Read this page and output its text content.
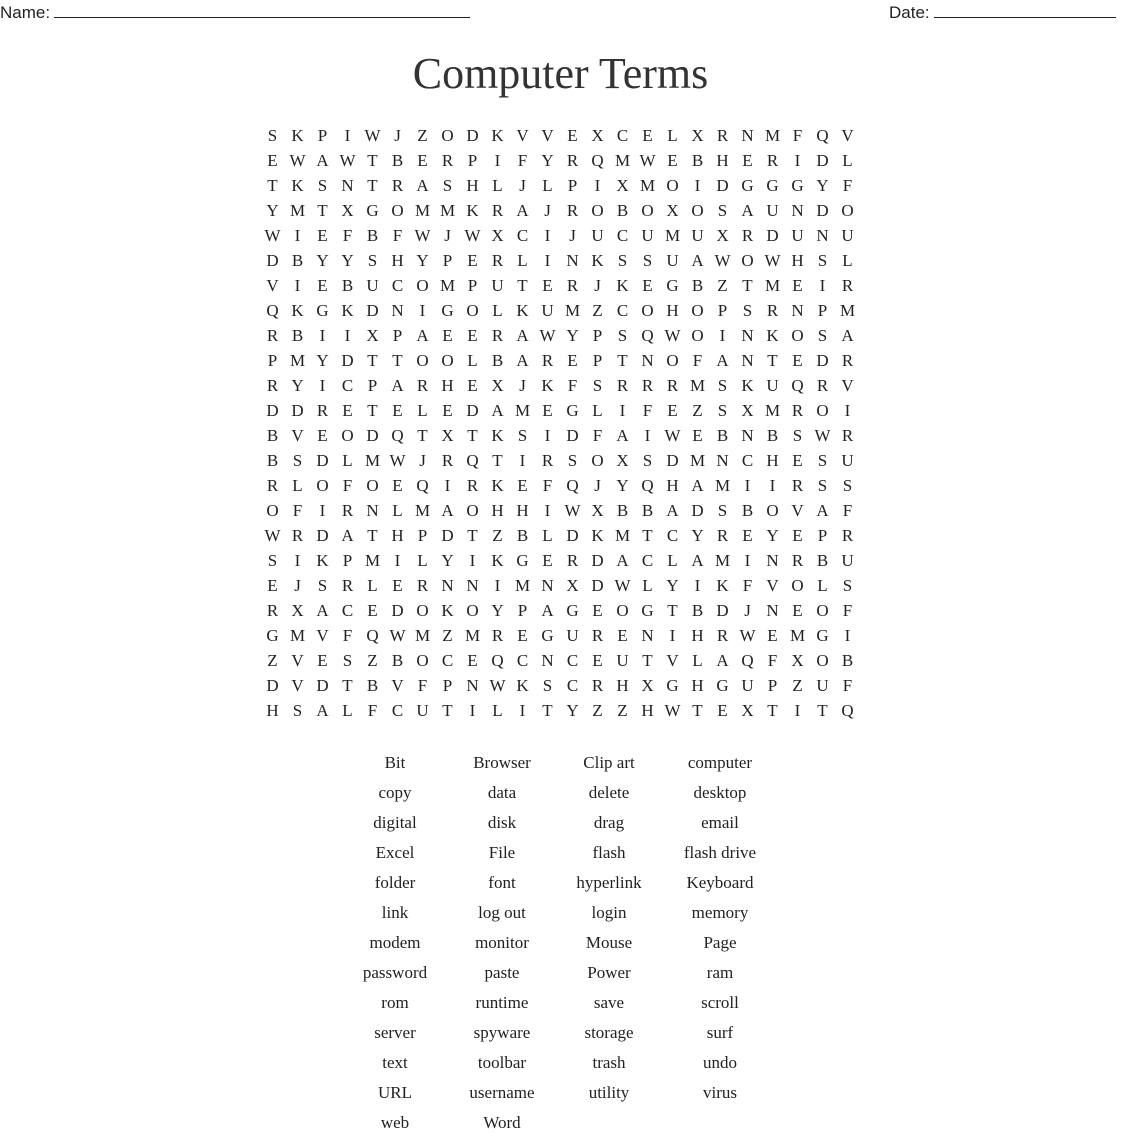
Name:	Date:
Computer Terms
S K P	I W J Z O D K V V E X C E L X R N M F Q V
E W A W T B E R P	I	F Y R Q M W E B H E R I D L
T K S N T R A S H L J L P	I X M O I D G G G Y F
Y M T X G O M M K R A J R O B O X O S A U N D O
W I E F B F W J W X C I	J U C U M U X R D U N U
D B Y Y S H Y P E R L I N K S S U A W O W H S L
V I E B U C O M P U T E R J K E G B Z T M E I R
Q K G K D N I G O L K U M Z C O H O P S R N P M
R B I	I X P A E E R A W Y P S Q W O I N K O S A
P M Y D T T O O L B A R E P T N O F A N T E D R
R Y I C P A R H E X J K F S R R R M S K U Q R V
D D R E T E L E D A M E G L I	F E Z S X M R O I
B V E O D Q T X T K S	I D F A I W E B N B S W R
B S D L M W J R Q T I R S O X S D M N C H E S U
R L O F O E Q I R K E F Q J Y Q H A M I	I R S S
O F	I R N L M A O H H I W X B B A D S B O V A F
W R D A T H P D T Z B L D K M T C Y R E Y E P R
S	I K P M I L Y I K G E R D A C L A M I N R B U
E J S R L E R N N I M N X D W L Y I K F V O L S
R X A C E D O K O Y P A G E O G T B D J N E O F
G M V F Q W M Z M R E G U R E N I H R W E M G I
Z V E S Z B O C E Q C N C E U T V L A Q F X O B
D V D T B V F P N W K S C R H X G H G U P Z U F
H S A L F C U T I L I T Y Z Z H W T E X T I T Q
Bit	Browser	Clip art	computer
copy	data	delete	desktop
digital	disk	drag	email
Excel	File	flash	flash drive
folder	font	hyperlink	Keyboard
link	log out	login	memory
modem	monitor	Mouse	Page
password	paste	Power	ram
rom	runtime	save	scroll
server	spyware	storage	surf
text	toolbar	trash	undo
URL	username	utility	virus
web	Word
